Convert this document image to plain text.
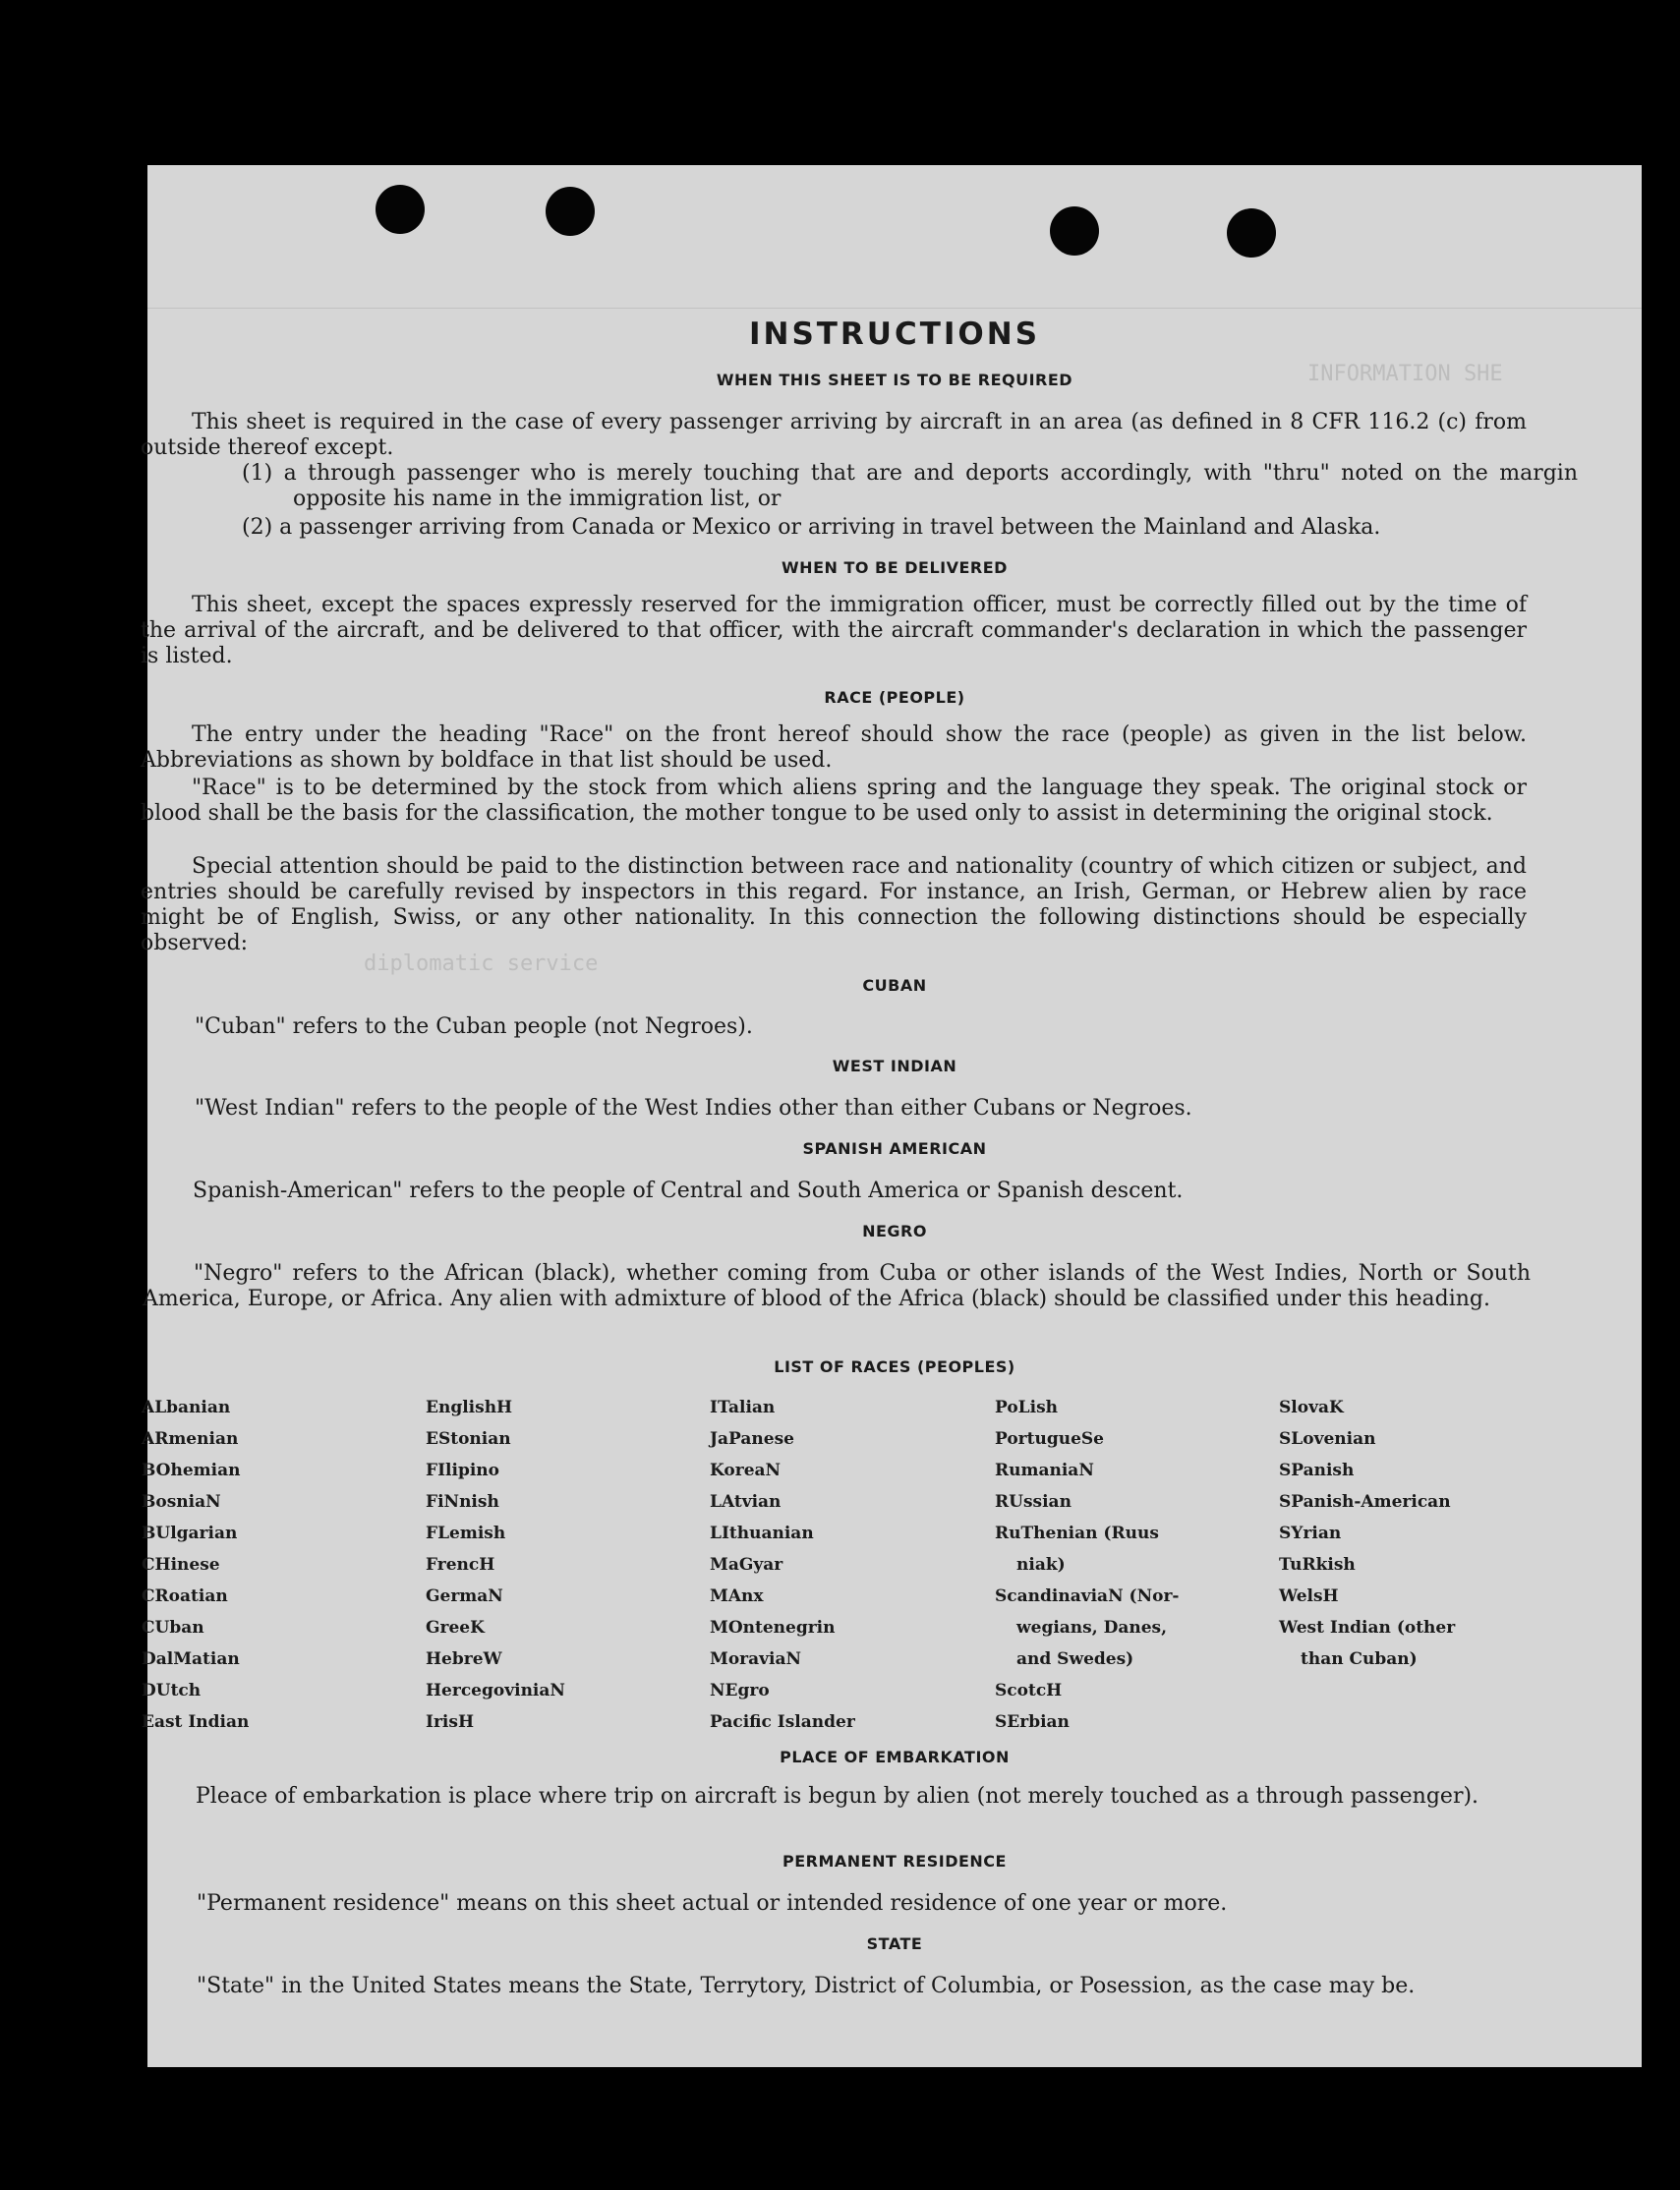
INFORMATION SHE
diplomatic service
INSTRUCTIONS
WHEN THIS SHEET IS TO BE REQUIRED
This sheet is required in the case of every passenger arriving by aircraft in an area (as defined in 8 CFR 116.2 (c) from outside thereof except.
(1) a through passenger who is merely touching that are and deports accordingly, with "thru" noted on the margin opposite his name in the immigration list, or
(2) a passenger arriving from Canada or Mexico or arriving in travel between the Mainland and Alaska.
WHEN TO BE DELIVERED
This sheet, except the spaces expressly reserved for the immigration officer, must be correctly filled out by the time of the arrival of the aircraft, and be delivered to that officer, with the aircraft commander's declaration in which the passenger is listed.
RACE (PEOPLE)
The entry under the heading "Race" on the front hereof should show the race (people) as given in the list below. Abbreviations as shown by boldface in that list should be used.
"Race" is to be determined by the stock from which aliens spring and the language they speak. The original stock or blood shall be the basis for the classification, the mother tongue to be used only to assist in determining the original stock.
Special attention should be paid to the distinction between race and nationality (country of which citizen or subject, and entries should be carefully revised by inspectors in this regard. For instance, an Irish, German, or Hebrew alien by race might be of English, Swiss, or any other nationality. In this connection the following distinctions should be especially observed:
CUBAN
"Cuban" refers to the Cuban people (not Negroes).
WEST INDIAN
"West Indian" refers to the people of the West Indies other than either Cubans or Negroes.
SPANISH AMERICAN
Spanish-American" refers to the people of Central and South America or Spanish descent.
NEGRO
"Negro" refers to the African (black), whether coming from Cuba or other islands of the West Indies, North or South America, Europe, or Africa. Any alien with admixture of blood of the Africa (black) should be classified under this heading.
LIST OF RACES (PEOPLES)
ALbanian
ARmenian
BOhemian
BosniaN
BUlgarian
CHinese
CRoatian
CUban
DalMatian
DUtch
East Indian
EnglishH
EStonian
FIlipino
FiNnish
FLemish
FrencH
GermaN
GreeK
HebreW
HercegoviniaN
IrisH
ITalian
JaPanese
KoreaN
LAtvian
LIthuanian
MaGyar
MAnx
MOntenegrin
MoraviaN
NEgro
Pacific Islander
PoLish
PortugueSe
RumaniaN
RUssian
RuThenian (Ruus
niak)
ScandinaviaN (Nor-
wegians, Danes,
and Swedes)
ScotcH
SErbian
SlovaK
SLovenian
SPanish
SPanish-American
SYrian
TuRkish
WelsH
West Indian (other
than Cuban)
PLACE OF EMBARKATION
Pleace of embarkation is place where trip on aircraft is begun by alien (not merely touched as a through passenger).
PERMANENT RESIDENCE
"Permanent residence" means on this sheet actual or intended residence of one year or more.
STATE
"State" in the United States means the State, Terrytory, District of Columbia, or Posession, as the case may be.
